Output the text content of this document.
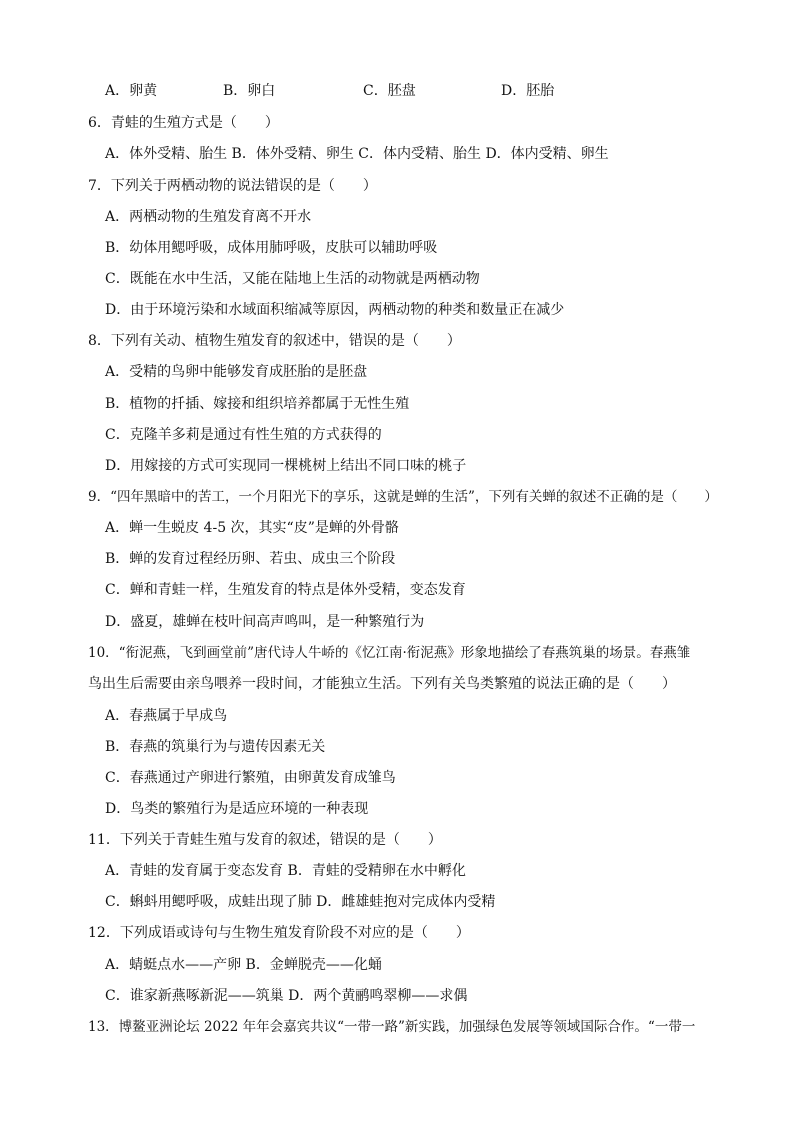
A．卵黄	B．卵白	C．胚盘	D．胚胎
6．青蛙的生殖方式是（　　）
A．体外受精、胎生 B．体外受精、卵生 C．体内受精、胎生 D．体内受精、卵生
7．下列关于两栖动物的说法错误的是（　　）
A．两栖动物的生殖发育离不开水
B．幼体用鳃呼吸，成体用肺呼吸，皮肤可以辅助呼吸
C．既能在水中生活，又能在陆地上生活的动物就是两栖动物
D．由于环境污染和水域面积缩减等原因，两栖动物的种类和数量正在减少
8．下列有关动、植物生殖发育的叙述中，错误的是（　　）
A．受精的鸟卵中能够发育成胚胎的是胚盘
B．植物的扦插、嫁接和组织培养都属于无性生殖
C．克隆羊多莉是通过有性生殖的方式获得的
D．用嫁接的方式可实现同一棵桃树上结出不同口味的桃子
9．“四年黑暗中的苦工，一个月阳光下的享乐，这就是蝉的生活”，下列有关蝉的叙述不正确的是（　　）
A．蝉一生蜕皮 4-5 次，其实“皮”是蝉的外骨骼
B．蝉的发育过程经历卵、若虫、成虫三个阶段
C．蝉和青蛙一样，生殖发育的特点是体外受精，变态发育
D．盛夏，雄蝉在枝叶间高声鸣叫，是一种繁殖行为
10．“衔泥燕，飞到画堂前”唐代诗人牛峤的《忆江南·衔泥燕》形象地描绘了春燕筑巢的场景。春燕雏
鸟出生后需要由亲鸟喂养一段时间，才能独立生活。下列有关鸟类繁殖的说法正确的是（　　）
A．春燕属于早成鸟
B．春燕的筑巢行为与遗传因素无关
C．春燕通过产卵进行繁殖，由卵黄发育成雏鸟
D．鸟类的繁殖行为是适应环境的一种表现
11．下列关于青蛙生殖与发育的叙述，错误的是（　　）
A．青蛙的发育属于变态发育 B．青蛙的受精卵在水中孵化
C．蝌蚪用鳃呼吸，成蛙出现了肺 D．雌雄蛙抱对完成体内受精
12．下列成语或诗句与生物生殖发育阶段不对应的是（　　）
A．蜻蜓点水——产卵 B．金蝉脱壳——化蛹
C．谁家新燕啄新泥——筑巢 D．两个黄鹂鸣翠柳——求偶
13．博鳌亚洲论坛 2022 年年会嘉宾共议“一带一路”新实践，加强绿色发展等领域国际合作。“一带一
